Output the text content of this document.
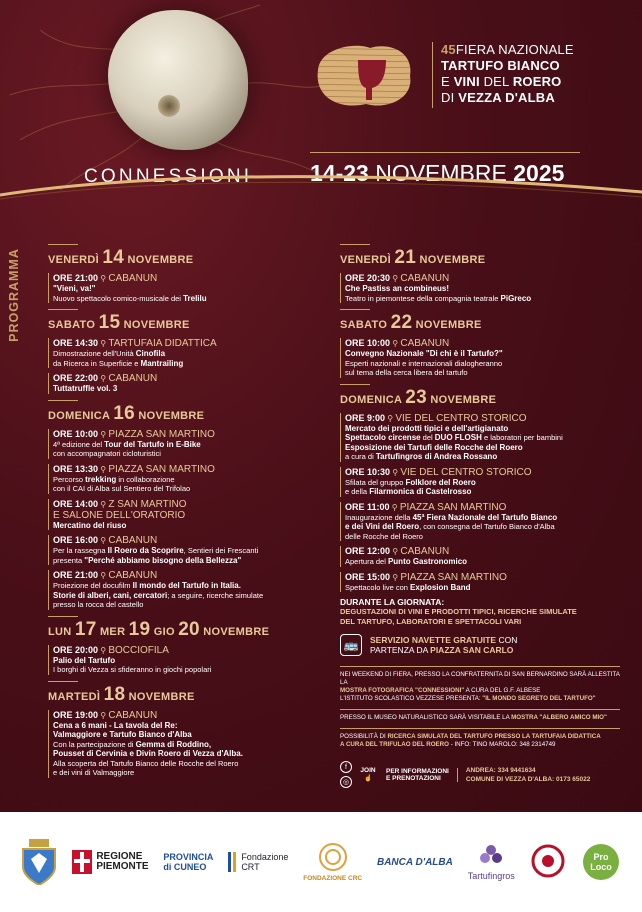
45FIERA NAZIONALE
TARTUFO BIANCO
E VINI DEL ROERO
DI VEZZA D'ALBA
CONNESSIONI	14-23 NOVEMBRE 2025
PROGRAMMA VENERDÌ 14 NOVEMBRE
ORE 21:00 ⚲ CABANUN
"Vieni, va!"
Nuovo spettacolo comico-musicale dei Trelilu
SABATO 15 NOVEMBRE
ORE 14:30 ⚲ TARTUFAIA DIDATTICA
Dimostrazione dell'Unità Cinofila
da Ricerca in Superficie e Mantrailing
ORE 22:00 ⚲ CABANUN
Tuttatruffle vol. 3
DOMENICA 16 NOVEMBRE
ORE 10:00 ⚲ PIAZZA SAN MARTINO
4ª edizione del Tour del Tartufo in E-Bike
con accompagnatori cicloturistici
ORE 13:30 ⚲ PIAZZA SAN MARTINO
Percorso trekking in collaborazione
con il CAI di Alba sul Sentiero del Trifolao
ORE 14:00 ⚲ Z SAN MARTINO
E SALONE DELL'ORATORIO
Mercatino del riuso
ORE 16:00 ⚲ CABANUN
Per la rassegna Il Roero da Scoprire, Sentieri dei Frescanti
presenta "Perché abbiamo bisogno della Bellezza"
ORE 21:00 ⚲ CABANUN
Proiezione del docufilm Il mondo del Tartufo in Italia.
Storie di alberi, cani, cercatori; a seguire, ricerche simulate
presso la rocca del castello
LUN 17 MER 19 GIO 20 NOVEMBRE
ORE 20:00 ⚲ BOCCIOFILA
Palio del Tartufo
I borghi di Vezza si sfideranno in giochi popolari
MARTEDÌ 18 NOVEMBRE
ORE 19:00 ⚲ CABANUN
Cena a 6 mani - La tavola del Re:
Valmaggiore e Tartufo Bianco d'Alba
Con la partecipazione di Gemma di Roddino,
Pousset di Cervinia e Divin Roero di Vezza d'Alba.
Alla scoperta del Tartufo Bianco delle Rocche del Roero
e dei vini di Valmaggiore
VENERDÌ 21 NOVEMBRE
ORE 20:30 ⚲ CABANUN
Che Pastiss an combineus!
Teatro in piemontese della compagnia teatrale PiGreco
SABATO 22 NOVEMBRE
ORE 10:00 ⚲ CABANUN
Convegno Nazionale "Di chi è il Tartufo?"
Esperti nazionali e internazionali dialogheranno
sul tema della cerca libera del tartufo
DOMENICA 23 NOVEMBRE
ORE 9:00 ⚲ VIE DEL CENTRO STORICO
Mercato dei prodotti tipici e dell'artigianato
Spettacolo circense del DUO FLOSH e laboratori per bambini
Esposizione dei Tartufi delle Rocche del Roero
a cura di Tartufingros di Andrea Rossano
ORE 10:30 ⚲ VIE DEL CENTRO STORICO
Sfilata del gruppo Folklore del Roero
e della Filarmonica di Castelrosso
ORE 11:00 ⚲ PIAZZA SAN MARTINO
Inaugurazione della 45ª Fiera Nazionale del Tartufo Bianco
e dei Vini del Roero, con consegna del Tartufo Bianco d'Alba
delle Rocche del Roero
ORE 12:00 ⚲ CABANUN
Apertura del Punto Gastronomico
ORE 15:00 ⚲ PIAZZA SAN MARTINO
Spettacolo live con Explosion Band
DURANTE LA GIORNATA:
DEGUSTAZIONI DI VINI E PRODOTTI TIPICI, RICERCHE SIMULATE
DEL TARTUFO, LABORATORI E SPETTACOLI VARI
🚌	SERVIZIO NAVETTE GRATUITE CON
PARTENZA DA PIAZZA SAN CARLO
NEI WEEKEND DI FIERA, PRESSO LA CONFRATERNITA DI SAN BERNARDINO SARÀ ALLESTITA LA
MOSTRA FOTOGRAFICA "CONNESSIONI" A CURA DEL G.F. ALBESE
L'ISTITUTO SCOLASTICO VEZZESE PRESENTA: "IL MONDO SEGRETO DEL TARTUFO"
PRESSO IL MUSEO NATURALISTICO SARÀ VISITABILE LA MOSTRA "ALBERO AMICO MIO"
POSSIBILITÀ DI RICERCA SIMULATA DEL TARTUFO PRESSO LA TARTUFAIA DIDATTICA
A CURA DEL TRIFULAO DEL ROERO - INFO: TINO MAROLO: 348 2314749
f
◎
JOIN
☝
PER INFORMAZIONI
E PRENOTAZIONI
ANDREA: 334 9441634
COMUNE DI VEZZA D'ALBA: 0173 65022
REGIONE
PIEMONTE
PROVINCIA
di CUNEO
Fondazione
CRT
FONDAZIONE CRC
BANCA D'ALBA
Tartufingros
Pro
Loco
